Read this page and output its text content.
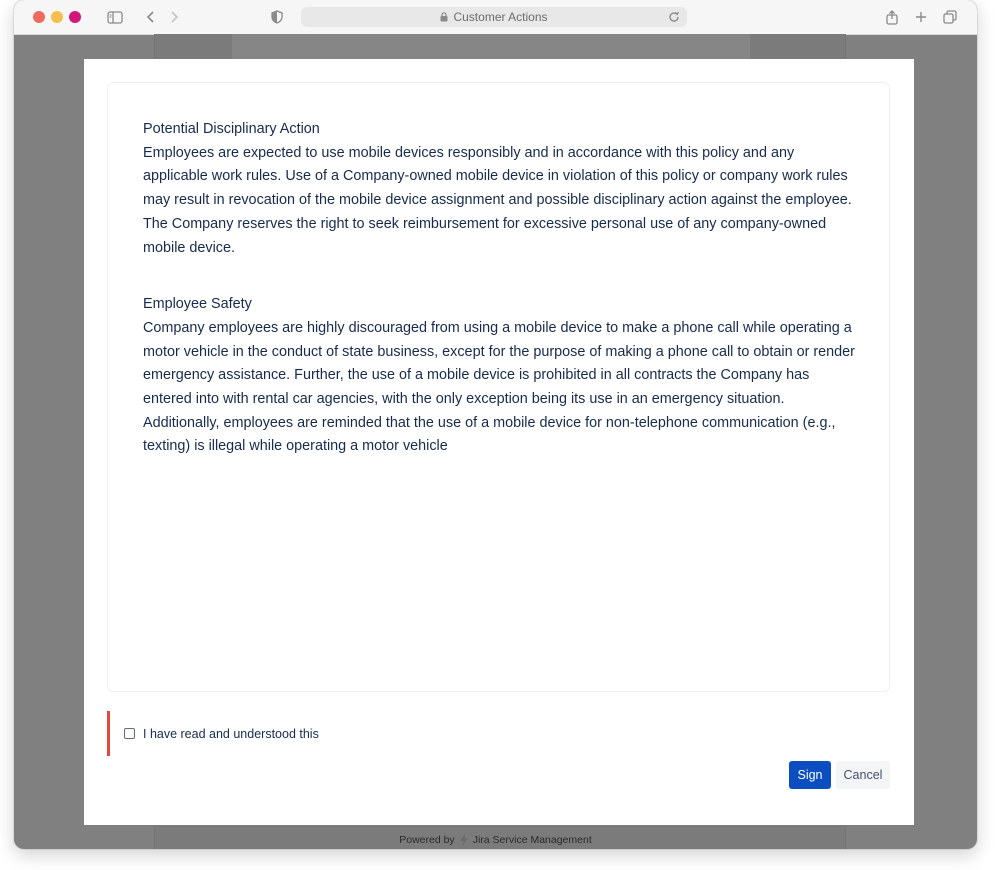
Customer Actions

Potential Disciplinary Action
Employees are expected to use mobile devices responsibly and in accordance with this policy and any applicable work rules. Use of a Company-owned mobile device in violation of this policy or company work rules may result in revocation of the mobile device assignment and possible disciplinary action against the employee. The Company reserves the right to seek reimbursement for excessive personal use of any company-owned mobile device.

Employee Safety
Company employees are highly discouraged from using a mobile device to make a phone call while operating a motor vehicle in the conduct of state business, except for the purpose of making a phone call to obtain or render emergency assistance. Further, the use of a mobile device is prohibited in all contracts the Company has entered into with rental car agencies, with the only exception being its use in an emergency situation. Additionally, employees are reminded that the use of a mobile device for non-telephone communication (e.g., texting) is illegal while operating a motor vehicle

I have read and understood this
Sign	Cancel
Powered by Jira Service Management
